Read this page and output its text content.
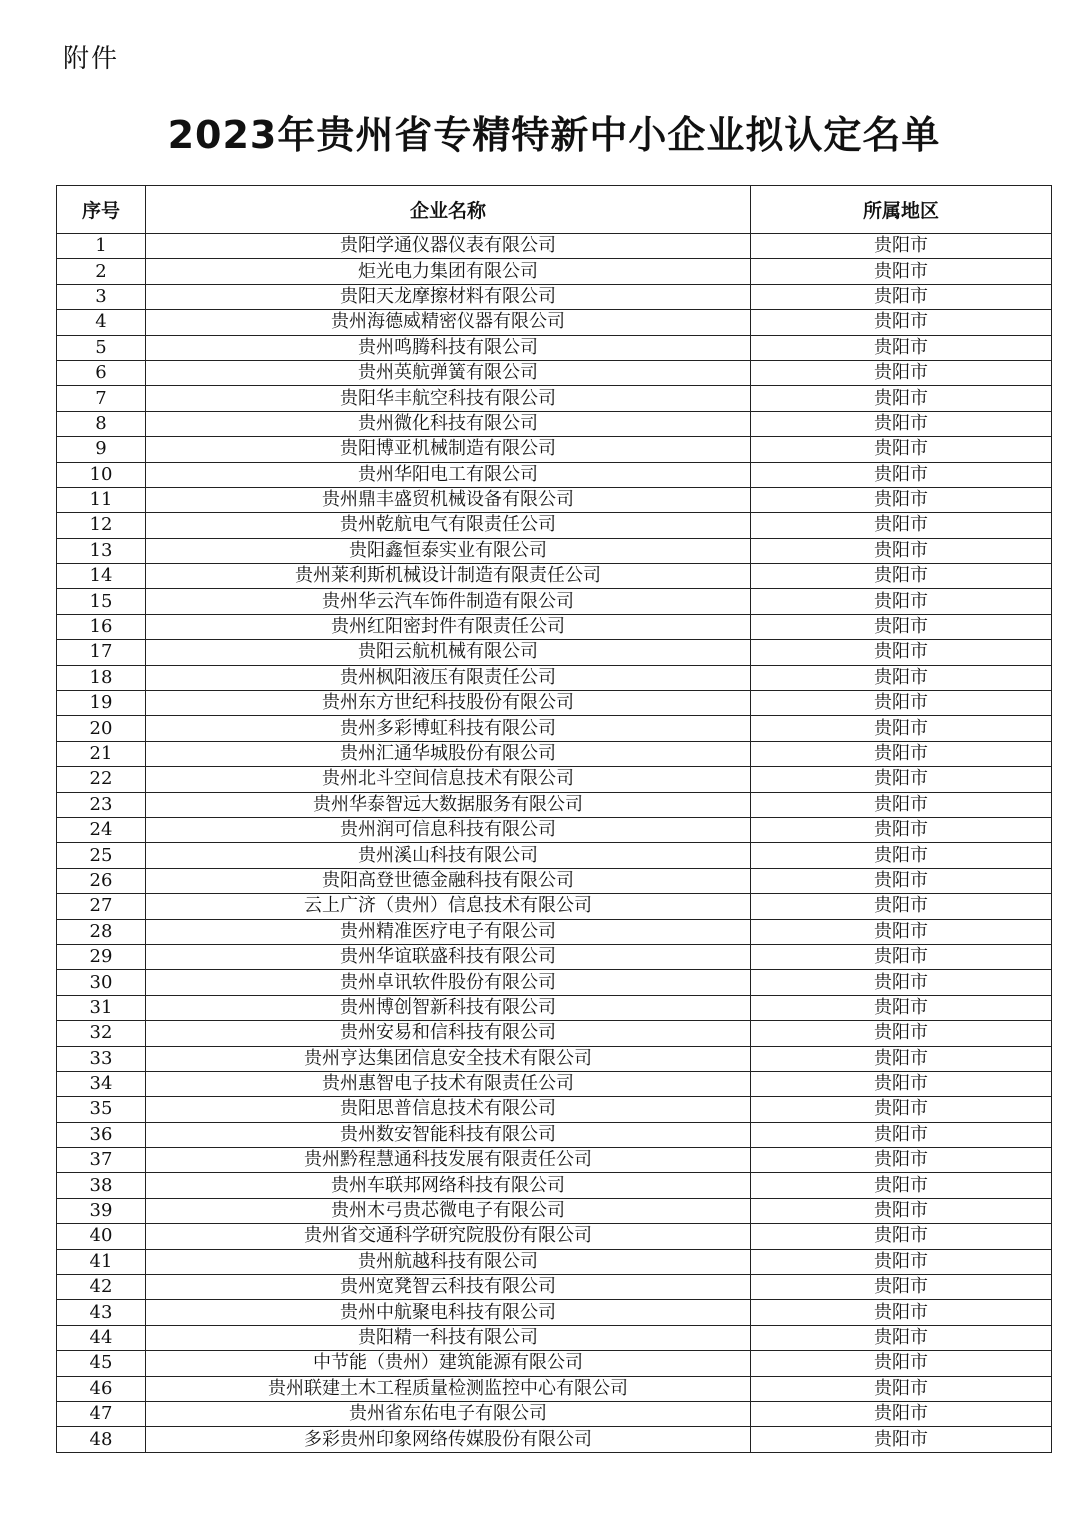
附件
2023年贵州省专精特新中小企业拟认定名单
序号	企业名称	所属地区
1	贵阳学通仪器仪表有限公司	贵阳市
2	炬光电力集团有限公司	贵阳市
3	贵阳天龙摩擦材料有限公司	贵阳市
4	贵州海德威精密仪器有限公司	贵阳市
5	贵州鸣腾科技有限公司	贵阳市
6	贵州英航弹簧有限公司	贵阳市
7	贵阳华丰航空科技有限公司	贵阳市
8	贵州微化科技有限公司	贵阳市
9	贵阳博亚机械制造有限公司	贵阳市
10	贵州华阳电工有限公司	贵阳市
11	贵州鼎丰盛贸机械设备有限公司	贵阳市
12	贵州乾航电气有限责任公司	贵阳市
13	贵阳鑫恒泰实业有限公司	贵阳市
14	贵州莱利斯机械设计制造有限责任公司	贵阳市
15	贵州华云汽车饰件制造有限公司	贵阳市
16	贵州红阳密封件有限责任公司	贵阳市
17	贵阳云航机械有限公司	贵阳市
18	贵州枫阳液压有限责任公司	贵阳市
19	贵州东方世纪科技股份有限公司	贵阳市
20	贵州多彩博虹科技有限公司	贵阳市
21	贵州汇通华城股份有限公司	贵阳市
22	贵州北斗空间信息技术有限公司	贵阳市
23	贵州华泰智远大数据服务有限公司	贵阳市
24	贵州润可信息科技有限公司	贵阳市
25	贵州溪山科技有限公司	贵阳市
26	贵阳高登世德金融科技有限公司	贵阳市
27	云上广济（贵州）信息技术有限公司	贵阳市
28	贵州精准医疗电子有限公司	贵阳市
29	贵州华谊联盛科技有限公司	贵阳市
30	贵州卓讯软件股份有限公司	贵阳市
31	贵州博创智新科技有限公司	贵阳市
32	贵州安易和信科技有限公司	贵阳市
33	贵州亨达集团信息安全技术有限公司	贵阳市
34	贵州惠智电子技术有限责任公司	贵阳市
35	贵阳思普信息技术有限公司	贵阳市
36	贵州数安智能科技有限公司	贵阳市
37	贵州黔程慧通科技发展有限责任公司	贵阳市
38	贵州车联邦网络科技有限公司	贵阳市
39	贵州木弓贵芯微电子有限公司	贵阳市
40	贵州省交通科学研究院股份有限公司	贵阳市
41	贵州航越科技有限公司	贵阳市
42	贵州宽凳智云科技有限公司	贵阳市
43	贵州中航聚电科技有限公司	贵阳市
44	贵阳精一科技有限公司	贵阳市
45	中节能（贵州）建筑能源有限公司	贵阳市
46	贵州联建土木工程质量检测监控中心有限公司	贵阳市
47	贵州省东佑电子有限公司	贵阳市
48	多彩贵州印象网络传媒股份有限公司	贵阳市
